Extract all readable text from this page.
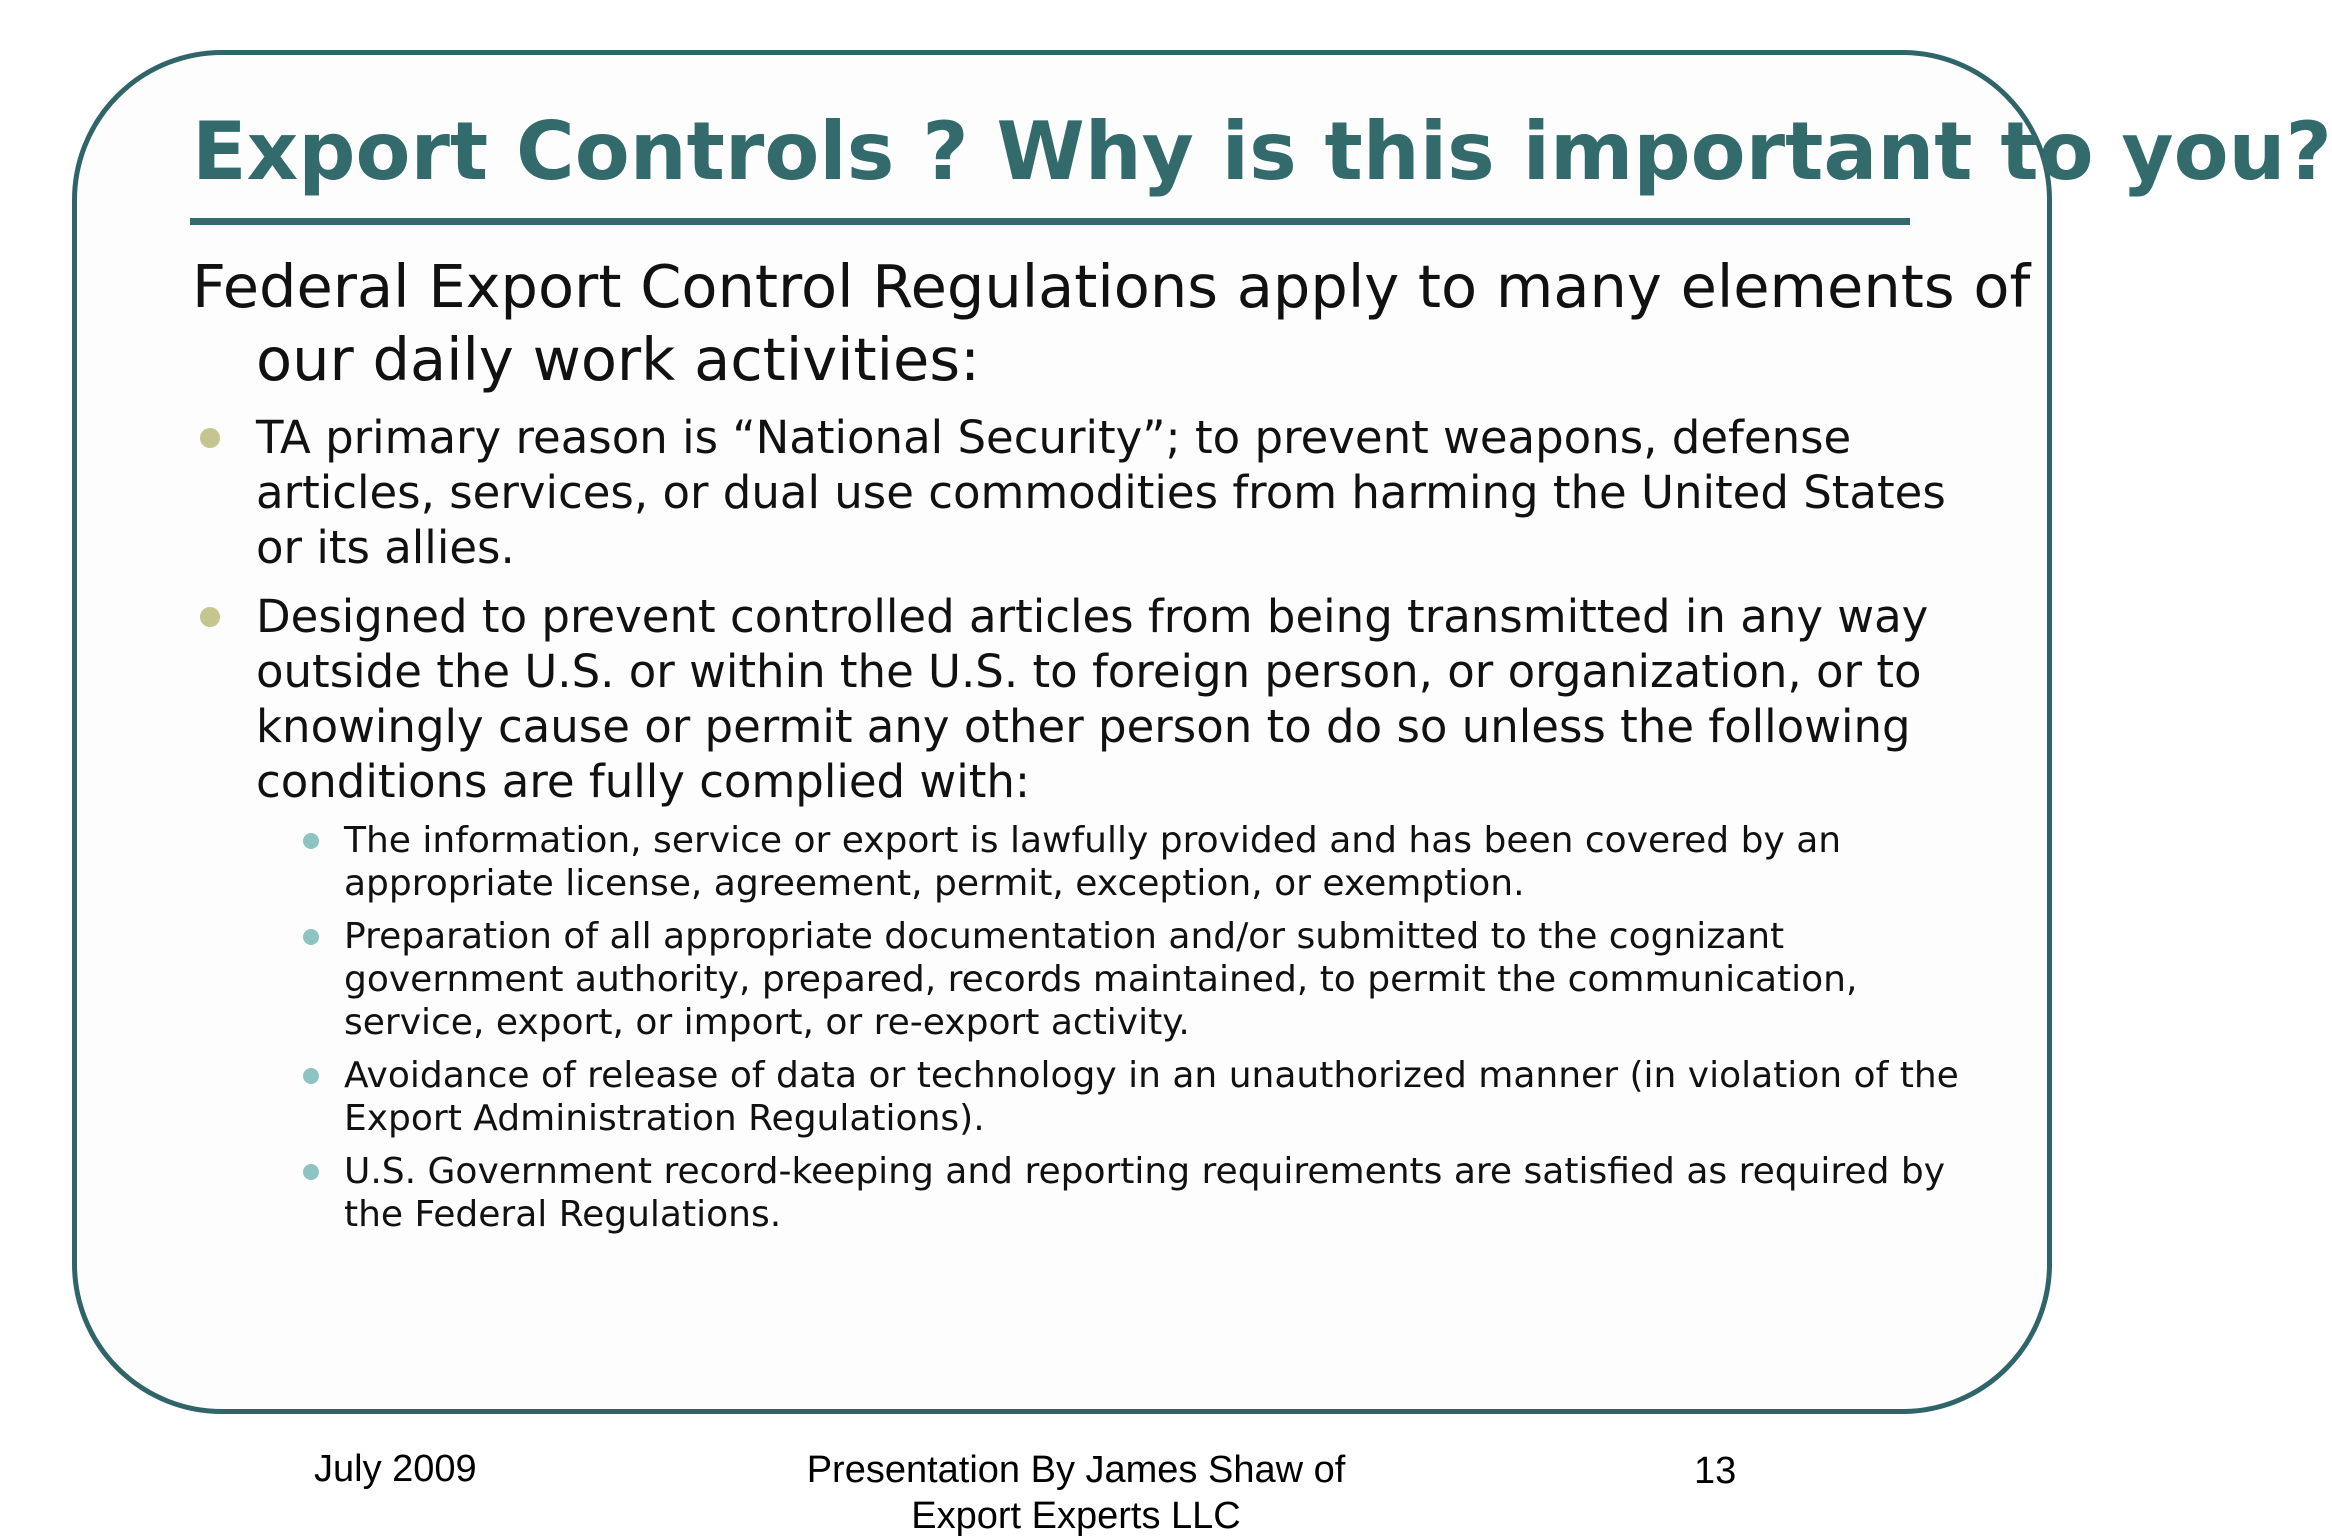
Export Controls ? Why is this important to you?

Federal Export Control Regulations apply to many elements of our daily work activities:

TA primary reason is “National Security”; to prevent weapons, defense articles, services, or dual use commodities from harming the United States or its allies.
Designed to prevent controlled articles from being transmitted in any way outside the U.S. or within the U.S. to foreign person, or organization, or to knowingly cause or permit any other person to do so unless the following conditions are fully complied with:
The information, service or export is lawfully provided and has been covered by an appropriate license, agreement, permit, exception, or exemption.
Preparation of all appropriate documentation and/or submitted to the cognizant government authority, prepared, records maintained, to permit the communication, service, export, or import, or re-export activity.
Avoidance of release of data or technology in an unauthorized manner (in violation of the Export Administration Regulations).
U.S. Government record-keeping and reporting requirements are satisfied as required by the Federal Regulations.
July 2009	Presentation By James Shaw of
Export Experts LLC
13
